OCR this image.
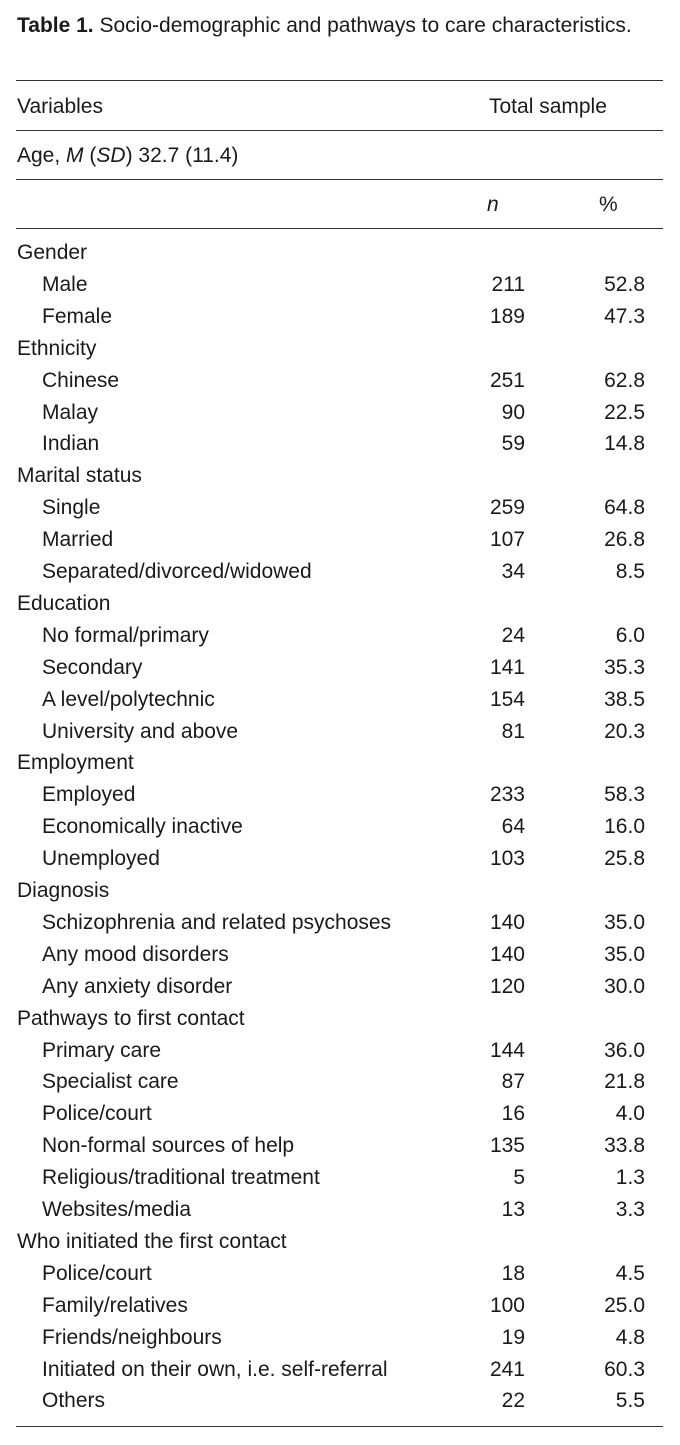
Table 1. Socio-demographic and pathways to care characteristics.
Variables	Total sample
Age, M (SD) 32.7 (11.4)
n	%
Gender
Male	211	52.8
Female	189	47.3
Ethnicity
Chinese	251	62.8
Malay	90	22.5
Indian	59	14.8
Marital status
Single	259	64.8
Married	107	26.8
Separated/divorced/widowed	34	8.5
Education
No formal/primary	24	6.0
Secondary	141	35.3
A level/polytechnic	154	38.5
University and above	81	20.3
Employment
Employed	233	58.3
Economically inactive	64	16.0
Unemployed	103	25.8
Diagnosis
Schizophrenia and related psychoses	140	35.0
Any mood disorders	140	35.0
Any anxiety disorder	120	30.0
Pathways to first contact
Primary care	144	36.0
Specialist care	87	21.8
Police/court	16	4.0
Non-formal sources of help	135	33.8
Religious/traditional treatment	5	1.3
Websites/media	13	3.3
Who initiated the first contact
Police/court	18	4.5
Family/relatives	100	25.0
Friends/neighbours	19	4.8
Initiated on their own, i.e. self-referral	241	60.3
Others	22	5.5
